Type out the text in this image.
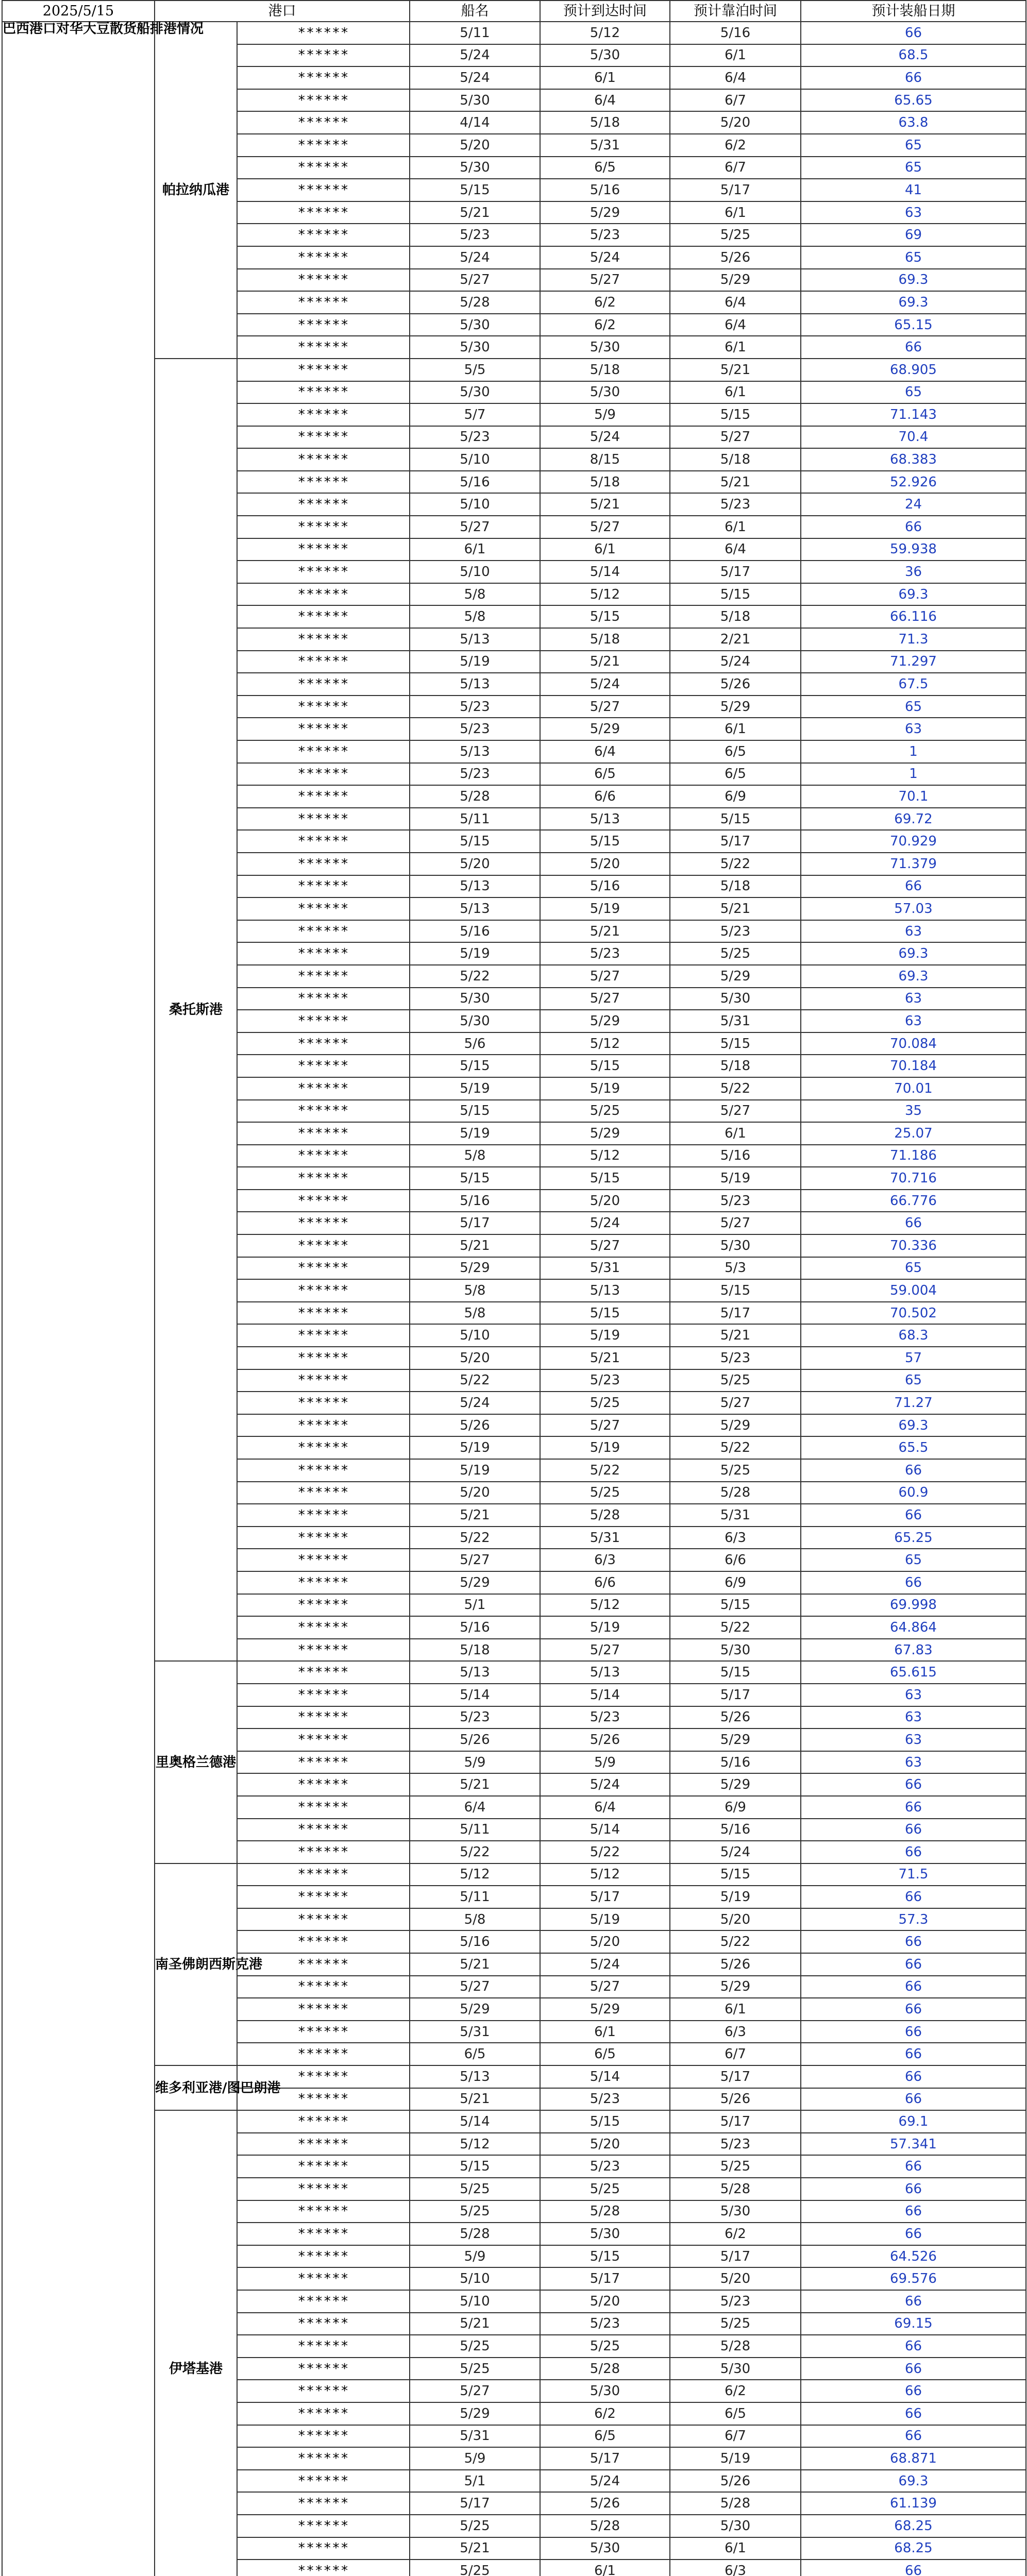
2025/5/15	港口		船名	预计到达时间	预计靠泊时间	预计装船日期	
巴西港口对华大豆散货船排港情况	帕拉纳瓜港	******	5/11	5/12	5/16	66	
		******	5/24	5/30	6/1	68.5	
		******	5/24	6/1	6/4	66	
		******	5/30	6/4	6/7	65.65	
		******	4/14	5/18	5/20	63.8	
		******	5/20	5/31	6/2	65	
		******	5/30	6/5	6/7	65	
		******	5/15	5/16	5/17	41	
		******	5/21	5/29	6/1	63	
		******	5/23	5/23	5/25	69	
		******	5/24	5/24	5/26	65	
		******	5/27	5/27	5/29	69.3	
		******	5/28	6/2	6/4	69.3	
		******	5/30	6/2	6/4	65.15	
		******	5/30	5/30	6/1	66	
	桑托斯港	******	5/5	5/18	5/21	68.905	
		******	5/30	5/30	6/1	65	
		******	5/7	5/9	5/15	71.143	
		******	5/23	5/24	5/27	70.4	
		******	5/10	8/15	5/18	68.383	
		******	5/16	5/18	5/21	52.926	
		******	5/10	5/21	5/23	24	
		******	5/27	5/27	6/1	66	
		******	6/1	6/1	6/4	59.938	
		******	5/10	5/14	5/17	36	
		******	5/8	5/12	5/15	69.3	
		******	5/8	5/15	5/18	66.116	
		******	5/13	5/18	2/21	71.3	
		******	5/19	5/21	5/24	71.297	
		******	5/13	5/24	5/26	67.5	
		******	5/23	5/27	5/29	65	
		******	5/23	5/29	6/1	63	
		******	5/13	6/4	6/5	1	
		******	5/23	6/5	6/5	1	
		******	5/28	6/6	6/9	70.1	
		******	5/11	5/13	5/15	69.72	
		******	5/15	5/15	5/17	70.929	
		******	5/20	5/20	5/22	71.379	
		******	5/13	5/16	5/18	66	
		******	5/13	5/19	5/21	57.03	
		******	5/16	5/21	5/23	63	
		******	5/19	5/23	5/25	69.3	
		******	5/22	5/27	5/29	69.3	
		******	5/30	5/27	5/30	63	
		******	5/30	5/29	5/31	63	
		******	5/6	5/12	5/15	70.084	
		******	5/15	5/15	5/18	70.184	
		******	5/19	5/19	5/22	70.01	
		******	5/15	5/25	5/27	35	
		******	5/19	5/29	6/1	25.07	
		******	5/8	5/12	5/16	71.186	
		******	5/15	5/15	5/19	70.716	
		******	5/16	5/20	5/23	66.776	
		******	5/17	5/24	5/27	66	
		******	5/21	5/27	5/30	70.336	
		******	5/29	5/31	5/3	65	
		******	5/8	5/13	5/15	59.004	
		******	5/8	5/15	5/17	70.502	
		******	5/10	5/19	5/21	68.3	
		******	5/20	5/21	5/23	57	
		******	5/22	5/23	5/25	65	
		******	5/24	5/25	5/27	71.27	
		******	5/26	5/27	5/29	69.3	
		******	5/19	5/19	5/22	65.5	
		******	5/19	5/22	5/25	66	
		******	5/20	5/25	5/28	60.9	
		******	5/21	5/28	5/31	66	
		******	5/22	5/31	6/3	65.25	
		******	5/27	6/3	6/6	65	
		******	5/29	6/6	6/9	66	
		******	5/1	5/12	5/15	69.998	
		******	5/16	5/19	5/22	64.864	
		******	5/18	5/27	5/30	67.83	
	里奥格兰德港	******	5/13	5/13	5/15	65.615	
		******	5/14	5/14	5/17	63	
		******	5/23	5/23	5/26	63	
		******	5/26	5/26	5/29	63	
		******	5/9	5/9	5/16	63	
		******	5/21	5/24	5/29	66	
		******	6/4	6/4	6/9	66	
		******	5/11	5/14	5/16	66	
		******	5/22	5/22	5/24	66	
	南圣佛朗西斯克港	******	5/12	5/12	5/15	71.5	
		******	5/11	5/17	5/19	66	
		******	5/8	5/19	5/20	57.3	
		******	5/16	5/20	5/22	66	
		******	5/21	5/24	5/26	66	
		******	5/27	5/27	5/29	66	
		******	5/29	5/29	6/1	66	
		******	5/31	6/1	6/3	66	
		******	6/5	6/5	6/7	66	
	维多利亚港/图巴朗港	******	5/13	5/14	5/17	66	
		******	5/21	5/23	5/26	66	
	伊塔基港	******	5/14	5/15	5/17	69.1	
		******	5/12	5/20	5/23	57.341	
		******	5/15	5/23	5/25	66	
		******	5/25	5/25	5/28	66	
		******	5/25	5/28	5/30	66	
		******	5/28	5/30	6/2	66	
		******	5/9	5/15	5/17	64.526	
		******	5/10	5/17	5/20	69.576	
		******	5/10	5/20	5/23	66	
		******	5/21	5/23	5/25	69.15	
		******	5/25	5/25	5/28	66	
		******	5/25	5/28	5/30	66	
		******	5/27	5/30	6/2	66	
		******	5/29	6/2	6/5	66	
		******	5/31	6/5	6/7	66	
		******	5/9	5/17	5/19	68.871	
		******	5/1	5/24	5/26	69.3	
		******	5/17	5/26	5/28	61.139	
		******	5/25	5/28	5/30	68.25	
		******	5/21	5/30	6/1	68.25	
		******	5/25	6/1	6/3	66	
